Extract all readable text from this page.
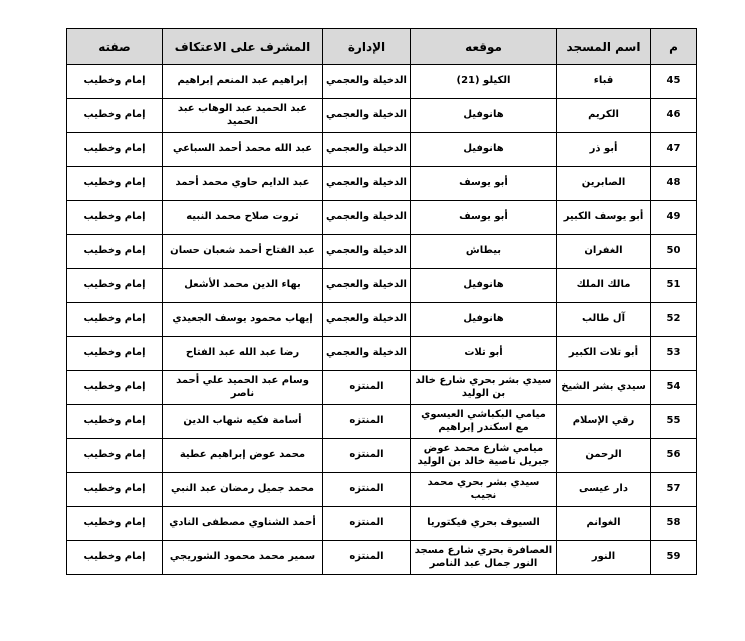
م	اسم المسجد	موقعه	الإدارة	المشرف على الاعتكاف	صفته
45	قباء	الكيلو (21)	الدخيلة والعجمي	إبراهيم عبد المنعم إبراهيم	إمام وخطيب
46	الكريم	هانوفيل	الدخيلة والعجمي	عبد الحميد عبد الوهاب عبد الحميد	إمام وخطيب
47	أبو ذر	هانوفيل	الدخيلة والعجمي	عبد الله محمد أحمد السباعي	إمام وخطيب
48	الصابرين	أبو يوسف	الدخيلة والعجمي	عبد الدايم حاوي محمد أحمد	إمام وخطيب
49	أبو يوسف الكبير	أبو يوسف	الدخيلة والعجمي	ثروت صلاح محمد النبيه	إمام وخطيب
50	الغفران	بيطاش	الدخيلة والعجمي	عبد الفتاح أحمد شعبان حسان	إمام وخطيب
51	مالك الملك	هانوفيل	الدخيلة والعجمي	بهاء الدين محمد الأشعل	إمام وخطيب
52	آل طالب	هانوفيل	الدخيلة والعجمي	إيهاب محمود يوسف الجعيدي	إمام وخطيب
53	أبو تلات الكبير	أبو تلات	الدخيلة والعجمي	رضا عبد الله عبد الفتاح	إمام وخطيب
54	سيدي بشر الشيخ	سيدي بشر بحري شارع خالد بن الوليد	المنتزه	وسام عبد الحميد علي أحمد ناصر	إمام وخطيب
55	رقي الإسلام	ميامي البكباشي العيسوي مع اسكندر إبراهيم	المنتزه	أسامة فكيه شهاب الدين	إمام وخطيب
56	الرحمن	ميامي شارع محمد عوض جبريل ناصية خالد بن الوليد	المنتزه	محمد عوض إبراهيم عطية	إمام وخطيب
57	دار عيسى	سيدي بشر بحري محمد نجيب	المنتزه	محمد جميل رمضان عبد النبي	إمام وخطيب
58	الغوانم	السيوف بحري فيكتوريا	المنتزه	أحمد الشناوي مصطفى النادي	إمام وخطيب
59	النور	العصافرة بحري شارع مسجد النور جمال عبد الناصر	المنتزه	سمير محمد محمود الشوريجي	إمام وخطيب
